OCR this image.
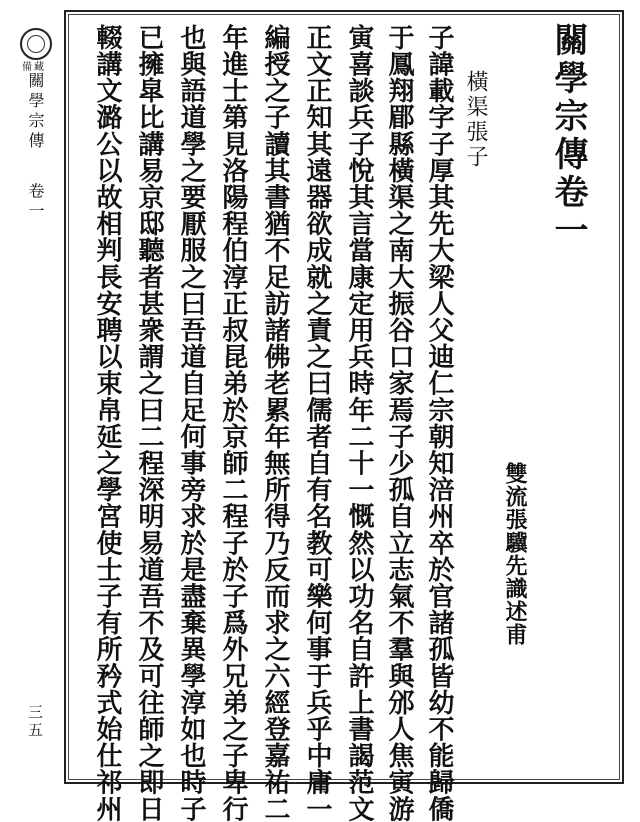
備藏
關學宗傳  卷一
三五
關學宗傳卷一
雙流張驥先識述甫
橫渠張子
子諱載字子厚其先大梁人父迪仁宗朝知涪州卒於官諸孤皆幼不能歸僑
于鳳翔郿縣橫渠之南大振谷口家焉子少孤自立志氣不羣與邠人焦寅游
寅喜談兵子悅其言當康定用兵時年二十一慨然以功名自許上書謁范文
正文正知其遠器欲成就之責之曰儒者自有名教可樂何事于兵乎中庸一
編授之子讀其書猶不足訪諸佛老累年無所得乃反而求之六經登嘉祐二
年進士第見洛陽程伯淳正叔昆弟於京師二程子於子爲外兄弟之子卑行
也與語道學之要厭服之曰吾道自足何事旁求於是盡棄異學淳如也時子
已擁皐比講易京邸聽者甚衆謂之曰二程深明易道吾不及可往師之即日
輟講文潞公以故相判長安聘以束帛延之學宮使士子有所矜式始仕祁州
